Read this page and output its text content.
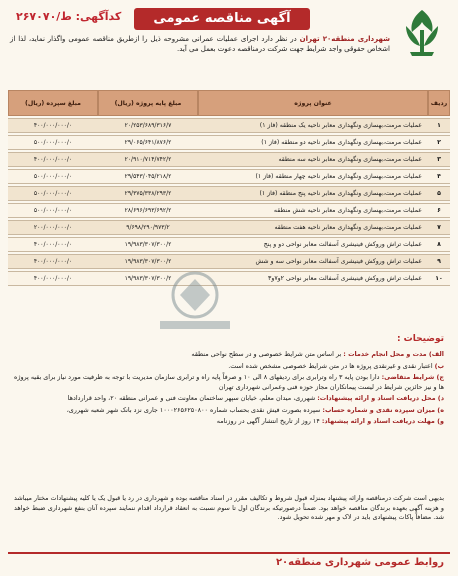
آگهی مناقصه عمومی
کدآگهی: ط/۲۶۷۰۷۰
شهرداری منطقه۲۰ تهران در نظر دارد اجرای عملیات عمرانی مشروحه ذیل را ازطریق مناقصه عمومی واگذار نماید، لذا از اشخاص حقوقی واجد شرایط جهت شرکت درمناقصه دعوت بعمل می آید.
ردیف	عنوان پروژه	مبلغ پایه پروژه (ریال)	مبلغ سپرده (ریال)
۱	عملیات مرمت،بهسازی ونگهداری معابر ناحیه یک منطقه (فاز ۱)	۲۰/۲۵۳/۶۸۹/۳۱۶/۷	۴۰۰/۰۰۰/۰۰۰/۰
۲	عملیات مرمت،بهسازی ونگهداری معابر ناحیه دو منطقه (فاز ۱)	۲۹/۰۶۵/۶۴۱/۸۷۶/۲	۵۰۰/۰۰۰/۰۰۰/۰
۳	عملیات مرمت،بهسازی ونگهداری معابر ناحیه سه منطقه	۲۰/۹۱۰/۷۱۴/۷۴۲/۲	۴۰۰/۰۰۰/۰۰۰/۰
۴	عملیات مرمت،بهسازی ونگهداری معابر ناحیه چهار منطقه (فاز ۱)	۲۹/۵۴۳/۰۴۵/۲۱۸/۲	۵۰۰/۰۰۰/۰۰۰/۰
۵	عملیات مرمت،بهسازی ونگهداری معابر ناحیه پنج منطقه (فاز ۱)	۲۹/۳۷۵/۳۳۸/۲۹۳/۲	۵۰۰/۰۰۰/۰۰۰/۰
۶	عملیات مرمت،بهسازی ونگهداری معابر ناحیه شش منطقه	۲۸/۶۹۶/۶۹۳/۶۹۲/۲	۵۰۰/۰۰۰/۰۰۰/۰
۷	عملیات مرمت،بهسازی ونگهداری معابر ناحیه هفت منطقه	۹/۶۹۸/۲۹۰/۹۷۳/۲	۲۰۰/۰۰۰/۰۰۰/۰
۸	عملیات تراش وروکش فینیشری آسفالت معابر نواحی دو و پنج	۱۹/۹۸۳/۳۰۷/۳۰۰/۲	۴۰۰/۰۰۰/۰۰۰/۰
۹	عملیات تراش وروکش فینیشری آسفالت معابر نواحی سه و شش	۱۹/۹۸۳/۳۰۷/۳۰۰/۲	۴۰۰/۰۰۰/۰۰۰/۰
۱۰	عملیات تراش وروکش فینیشری آسفالت معابر نواحی ۲و۷و۳	۱۹/۹۸۳/۳۰۷/۳۰۰/۲	۴۰۰/۰۰۰/۰۰۰/۰
توضیحات :
الف) مدت و محل انجام خدمات : بر اساس متن شرایط خصوصی و در سطح نواحی منطقه
ب) اعتبار نقدی و غیرنقدی پروژه ها در متن شرایط خصوصی مشخص شده است.
ج) شرایط متقاضی: دارا بودن پایه ۳ راه وترابری برای ردیفهای ۸ الی ۱۰ و صرفاً پایه راه و ترابری سازمان مدیریت با توجه به ظرفیت مورد نیاز برای بقیه پروژه ها و نیز حائزین شرایط در لیست پیمانکاران مجاز حوزه فنی وعمرانی شهرداری تهران
د) محل دریافت اسناد و ارائه پیشنهادات: شهرری، میدان معلم، خیابان سپهر ساختمان معاونت فنی و عمرانی منطقه ۲۰، واحد قراردادها
ه) میزان سپرده نقدی و شماره حساب: سپرده بصورت فیش نقدی بحساب شماره ۱۰۰۰۲۶۵۶۲۵۰۸۰۰ جاری نزد بانک شهر شعبه شهرری،
و) مهلت دریافت اسناد و ارائه پیشنهاد: ۱۴ روز از تاریخ انتشار آگهی در روزنامه
بدیهی است شرکت درمناقصه وارائه پیشنهاد بمنزله قبول شروط و تکالیف مقرر در اسناد مناقصه بوده و شهرداری در رد یا قبول یک یا کلیه پیشنهادات مختار میباشد و هزینه آگهی بعهده برندگان مناقصه خواهد بود. ضمناً درصورتیکه برندگان اول تا سوم نسبت به انعقاد قرارداد اقدام ننمایند سپرده آنان بنفع شهرداری ضبط خواهد شد. مضافاً پاکات پیشنهادی باید در لاک و مهر شده تحویل شود.
روابط عمومی شهرداری منطقه۲۰
